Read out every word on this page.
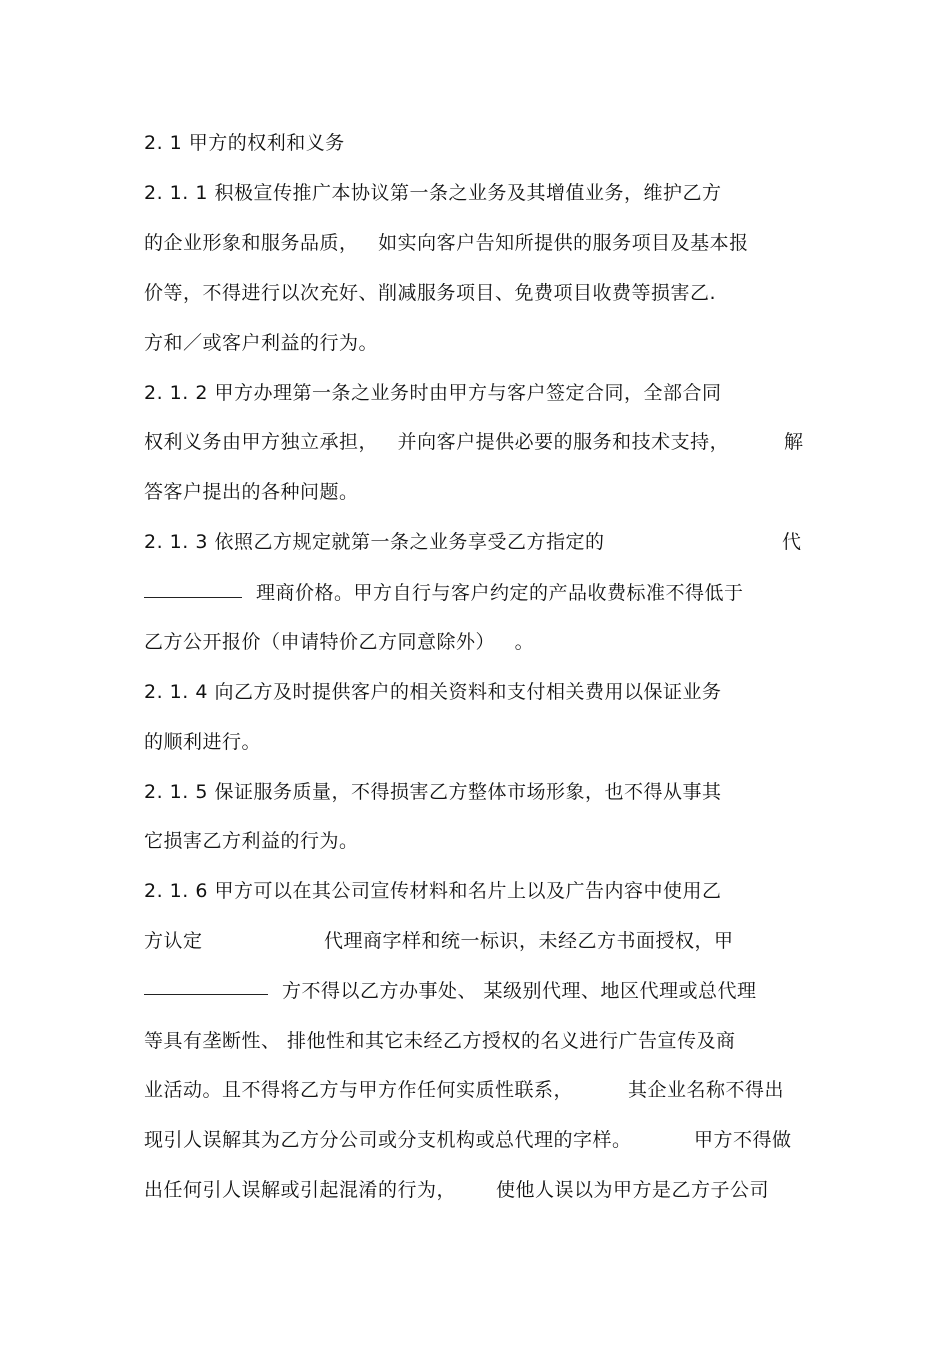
2. 1 甲方的权利和义务
2. 1. 1 积极宣传推广本协议第一条之业务及其增值业务，维护乙方
的企业形象和服务品质，   如实向客户告知所提供的服务项目及基本报
价等，不得进行以次充好、削减服务项目、免费项目收费等损害乙.
方和／或客户利益的行为。
2. 1. 2 甲方办理第一条之业务时由甲方与客户签定合同，全部合同
权利义务由甲方独立承担，   并向客户提供必要的服务和技术支持，	解
答客户提出的各种问题。
2. 1. 3 依照乙方规定就第一条之业务享受乙方指定的	代
理商价格。甲方自行与客户约定的产品收费标准不得低于
乙方公开报价（申请特价乙方同意除外）   。
2. 1. 4 向乙方及时提供客户的相关资料和支付相关费用以保证业务
的顺利进行。
2. 1. 5 保证服务质量，不得损害乙方整体市场形象，也不得从事其
它损害乙方利益的行为。
2. 1. 6 甲方可以在其公司宣传材料和名片上以及广告内容中使用乙
方认定	代理商字样和统一标识，未经乙方书面授权，甲
方不得以乙方办事处、 某级别代理、地区代理或总代理
等具有垄断性、 排他性和其它未经乙方授权的名义进行广告宣传及商
业活动。且不得将乙方与甲方作任何实质性联系，	其企业名称不得出
现引人误解其为乙方分公司或分支机构或总代理的字样。	甲方不得做
出任何引人误解或引起混淆的行为， 使他人误以为甲方是乙方子公司
